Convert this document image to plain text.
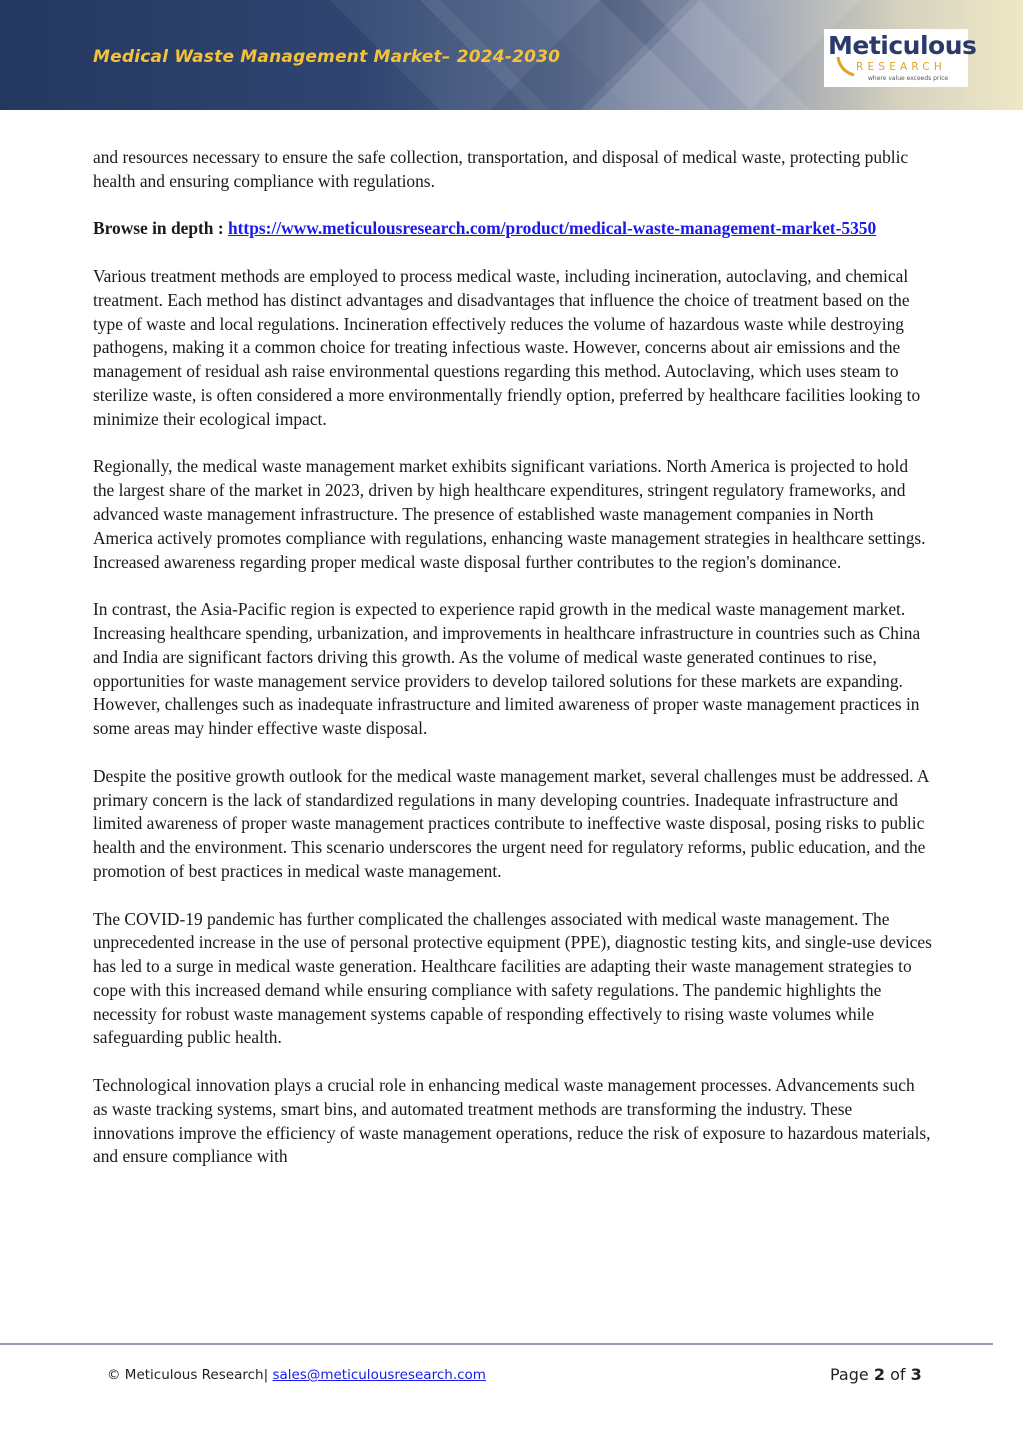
Medical Waste Management Market– 2024-2030	Meticulous
RESEARCH
where value exceeds price

and resources necessary to ensure the safe collection, transportation, and disposal of medical waste, protecting public health and ensuring compliance with regulations.

Browse in depth : https://www.meticulousresearch.com/product/medical-waste-management-market-5350

Various treatment methods are employed to process medical waste, including incineration, autoclaving, and chemical treatment. Each method has distinct advantages and disadvantages that influence the choice of treatment based on the type of waste and local regulations. Incineration effectively reduces the volume of hazardous waste while destroying pathogens, making it a common choice for treating infectious waste. However, concerns about air emissions and the management of residual ash raise environmental questions regarding this method. Autoclaving, which uses steam to sterilize waste, is often considered a more environmentally friendly option, preferred by healthcare facilities looking to minimize their ecological impact.

Regionally, the medical waste management market exhibits significant variations. North America is projected to hold the largest share of the market in 2023, driven by high healthcare expenditures, stringent regulatory frameworks, and advanced waste management infrastructure. The presence of established waste management companies in North America actively promotes compliance with regulations, enhancing waste management strategies in healthcare settings. Increased awareness regarding proper medical waste disposal further contributes to the region's dominance.

In contrast, the Asia-Pacific region is expected to experience rapid growth in the medical waste management market. Increasing healthcare spending, urbanization, and improvements in healthcare infrastructure in countries such as China and India are significant factors driving this growth. As the volume of medical waste generated continues to rise, opportunities for waste management service providers to develop tailored solutions for these markets are expanding. However, challenges such as inadequate infrastructure and limited awareness of proper waste management practices in some areas may hinder effective waste disposal.

Despite the positive growth outlook for the medical waste management market, several challenges must be addressed. A primary concern is the lack of standardized regulations in many developing countries. Inadequate infrastructure and limited awareness of proper waste management practices contribute to ineffective waste disposal, posing risks to public health and the environment. This scenario underscores the urgent need for regulatory reforms, public education, and the promotion of best practices in medical waste management.

The COVID-19 pandemic has further complicated the challenges associated with medical waste management. The unprecedented increase in the use of personal protective equipment (PPE), diagnostic testing kits, and single-use devices has led to a surge in medical waste generation. Healthcare facilities are adapting their waste management strategies to cope with this increased demand while ensuring compliance with safety regulations. The pandemic highlights the necessity for robust waste management systems capable of responding effectively to rising waste volumes while safeguarding public health.

Technological innovation plays a crucial role in enhancing medical waste management processes. Advancements such as waste tracking systems, smart bins, and automated treatment methods are transforming the industry. These innovations improve the efficiency of waste management operations, reduce the risk of exposure to hazardous materials, and ensure compliance with

© Meticulous Research| sales@meticulousresearch.com	Page 2 of 3
